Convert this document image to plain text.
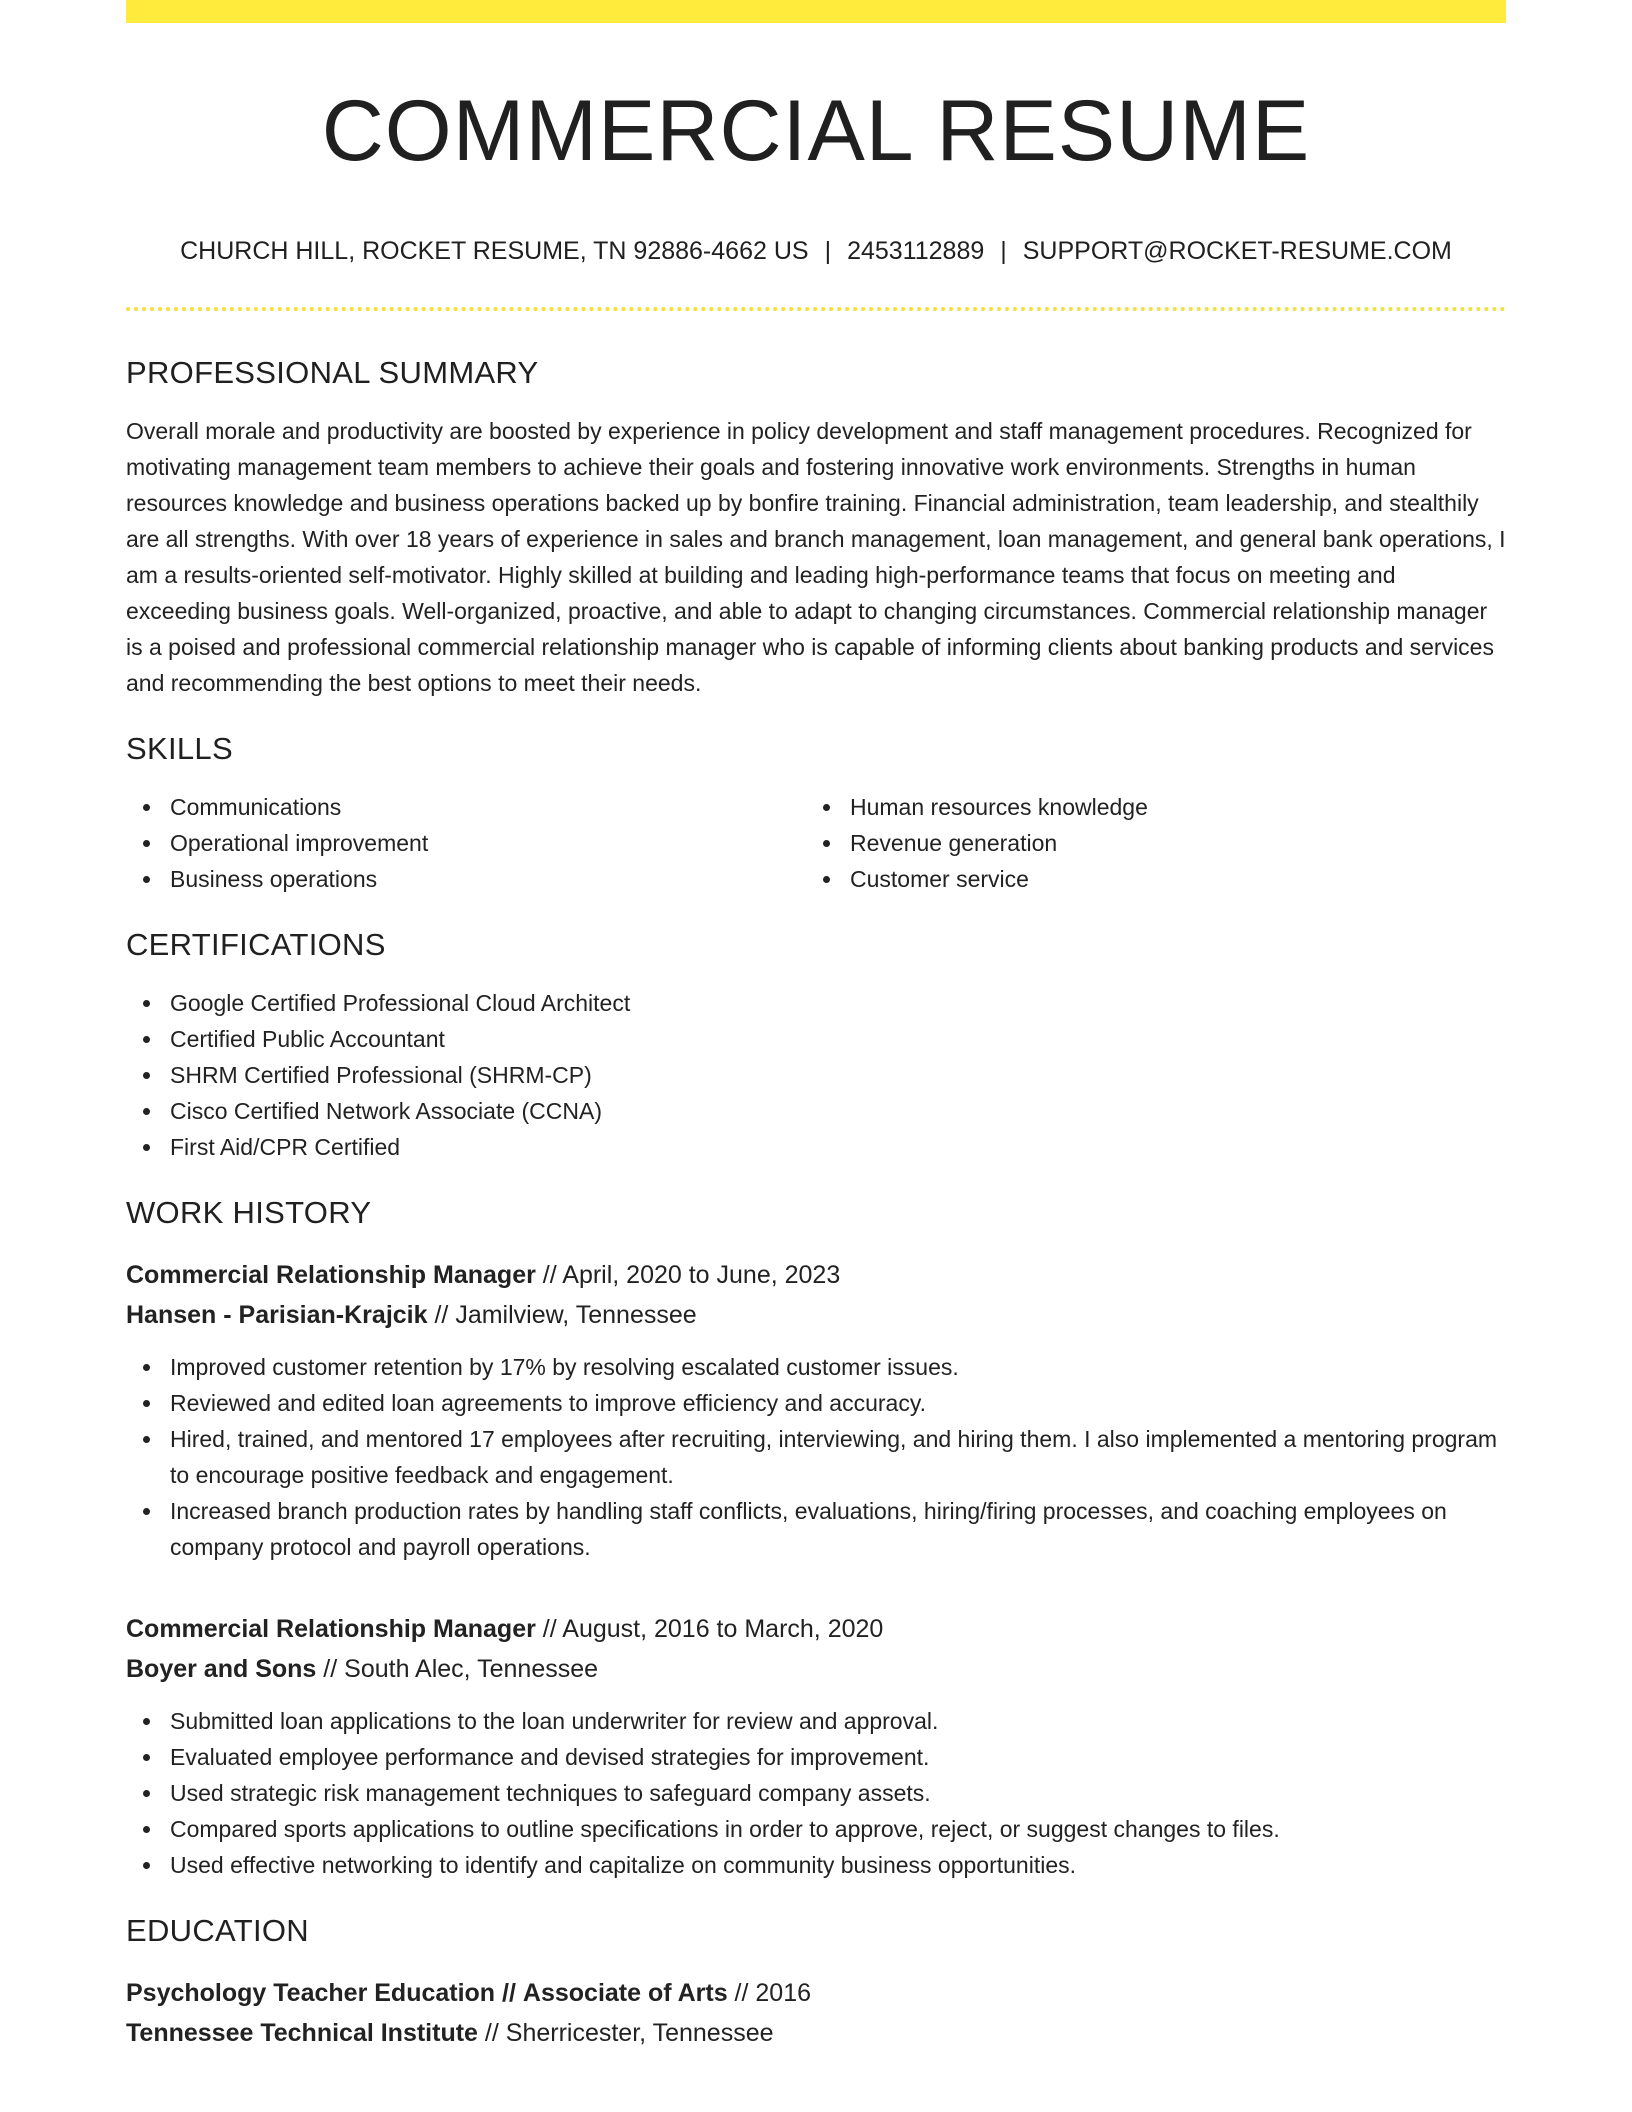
COMMERCIAL RESUME
CHURCH HILL, ROCKET RESUME, TN 92886-4662 US | 2453112889 | SUPPORT@ROCKET-RESUME.COM
PROFESSIONAL SUMMARY

Overall morale and productivity are boosted by experience in policy development and staff management procedures. Recognized for motivating management team members to achieve their goals and fostering innovative work environments. Strengths in human resources knowledge and business operations backed up by bonfire training. Financial administration, team leadership, and stealthily are all strengths. With over 18 years of experience in sales and branch management, loan management, and general bank operations, I am a results-oriented self-motivator. Highly skilled at building and leading high-performance teams that focus on meeting and exceeding business goals. Well-organized, proactive, and able to adapt to changing circumstances. Commercial relationship manager is a poised and professional commercial relationship manager who is capable of informing clients about banking products and services and recommending the best options to meet their needs.

SKILLS
Communications
Operational improvement
Business operations
Human resources knowledge
Revenue generation
Customer service
CERTIFICATIONS
Google Certified Professional Cloud Architect
Certified Public Accountant
SHRM Certified Professional (SHRM-CP)
Cisco Certified Network Associate (CCNA)
First Aid/CPR Certified
WORK HISTORY
Commercial Relationship Manager // April, 2020 to June, 2023
Hansen - Parisian-Krajcik // Jamilview, Tennessee
Improved customer retention by 17% by resolving escalated customer issues.
Reviewed and edited loan agreements to improve efficiency and accuracy.
Hired, trained, and mentored 17 employees after recruiting, interviewing, and hiring them. I also implemented a mentoring program to encourage positive feedback and engagement.
Increased branch production rates by handling staff conflicts, evaluations, hiring/firing processes, and coaching employees on company protocol and payroll operations.
Commercial Relationship Manager // August, 2016 to March, 2020
Boyer and Sons // South Alec, Tennessee
Submitted loan applications to the loan underwriter for review and approval.
Evaluated employee performance and devised strategies for improvement.
Used strategic risk management techniques to safeguard company assets.
Compared sports applications to outline specifications in order to approve, reject, or suggest changes to files.
Used effective networking to identify and capitalize on community business opportunities.
EDUCATION
Psychology Teacher Education // Associate of Arts // 2016
Tennessee Technical Institute // Sherricester, Tennessee
